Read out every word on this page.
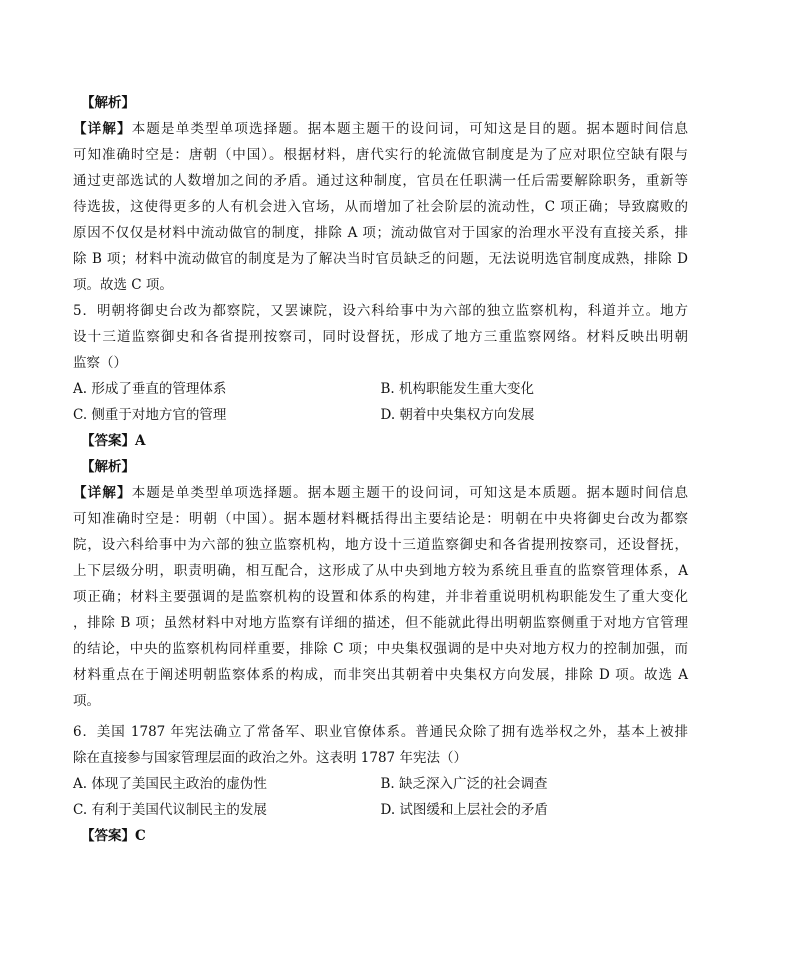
【解析】
【详解】本题是单类型单项选择题。据本题主题干的设问词，可知这是目的题。据本题时间信息
可知准确时空是：唐朝（中国）。根据材料，唐代实行的轮流做官制度是为了应对职位空缺有限与
通过吏部选试的人数增加之间的矛盾。通过这种制度，官员在任职满一任后需要解除职务，重新等
待选拔，这使得更多的人有机会进入官场，从而增加了社会阶层的流动性，C 项正确；导致腐败的
原因不仅仅是材料中流动做官的制度，排除 A 项；流动做官对于国家的治理水平没有直接关系，排
除 B 项；材料中流动做官的制度是为了解决当时官员缺乏的问题，无法说明选官制度成熟，排除 D
项。故选 C 项。
5．明朝将御史台改为都察院，又罢谏院，设六科给事中为六部的独立监察机构，科道并立。地方
设十三道监察御史和各省提刑按察司，同时设督抚，形成了地方三重监察网络。材料反映出明朝
监察（）
A. 形成了垂直的管理体系	B. 机构职能发生重大变化
C. 侧重于对地方官的管理	D. 朝着中央集权方向发展
【答案】A
【解析】
【详解】本题是单类型单项选择题。据本题主题干的设问词，可知这是本质题。据本题时间信息
可知准确时空是：明朝（中国）。据本题材料概括得出主要结论是：明朝在中央将御史台改为都察
院，设六科给事中为六部的独立监察机构，地方设十三道监察御史和各省提刑按察司，还设督抚，
上下层级分明，职责明确，相互配合，这形成了从中央到地方较为系统且垂直的监察管理体系，A
项正确；材料主要强调的是监察机构的设置和体系的构建，并非着重说明机构职能发生了重大变化
，排除 B 项；虽然材料中对地方监察有详细的描述，但不能就此得出明朝监察侧重于对地方官管理
的结论，中央的监察机构同样重要，排除 C 项；中央集权强调的是中央对地方权力的控制加强，而
材料重点在于阐述明朝监察体系的构成，而非突出其朝着中央集权方向发展，排除 D 项。故选 A
项。
6．美国 1787 年宪法确立了常备军、职业官僚体系。普通民众除了拥有选举权之外，基本上被排
除在直接参与国家管理层面的政治之外。这表明 1787 年宪法（）
A. 体现了美国民主政治的虚伪性	B. 缺乏深入广泛的社会调查
C. 有利于美国代议制民主的发展	D. 试图缓和上层社会的矛盾
【答案】C
